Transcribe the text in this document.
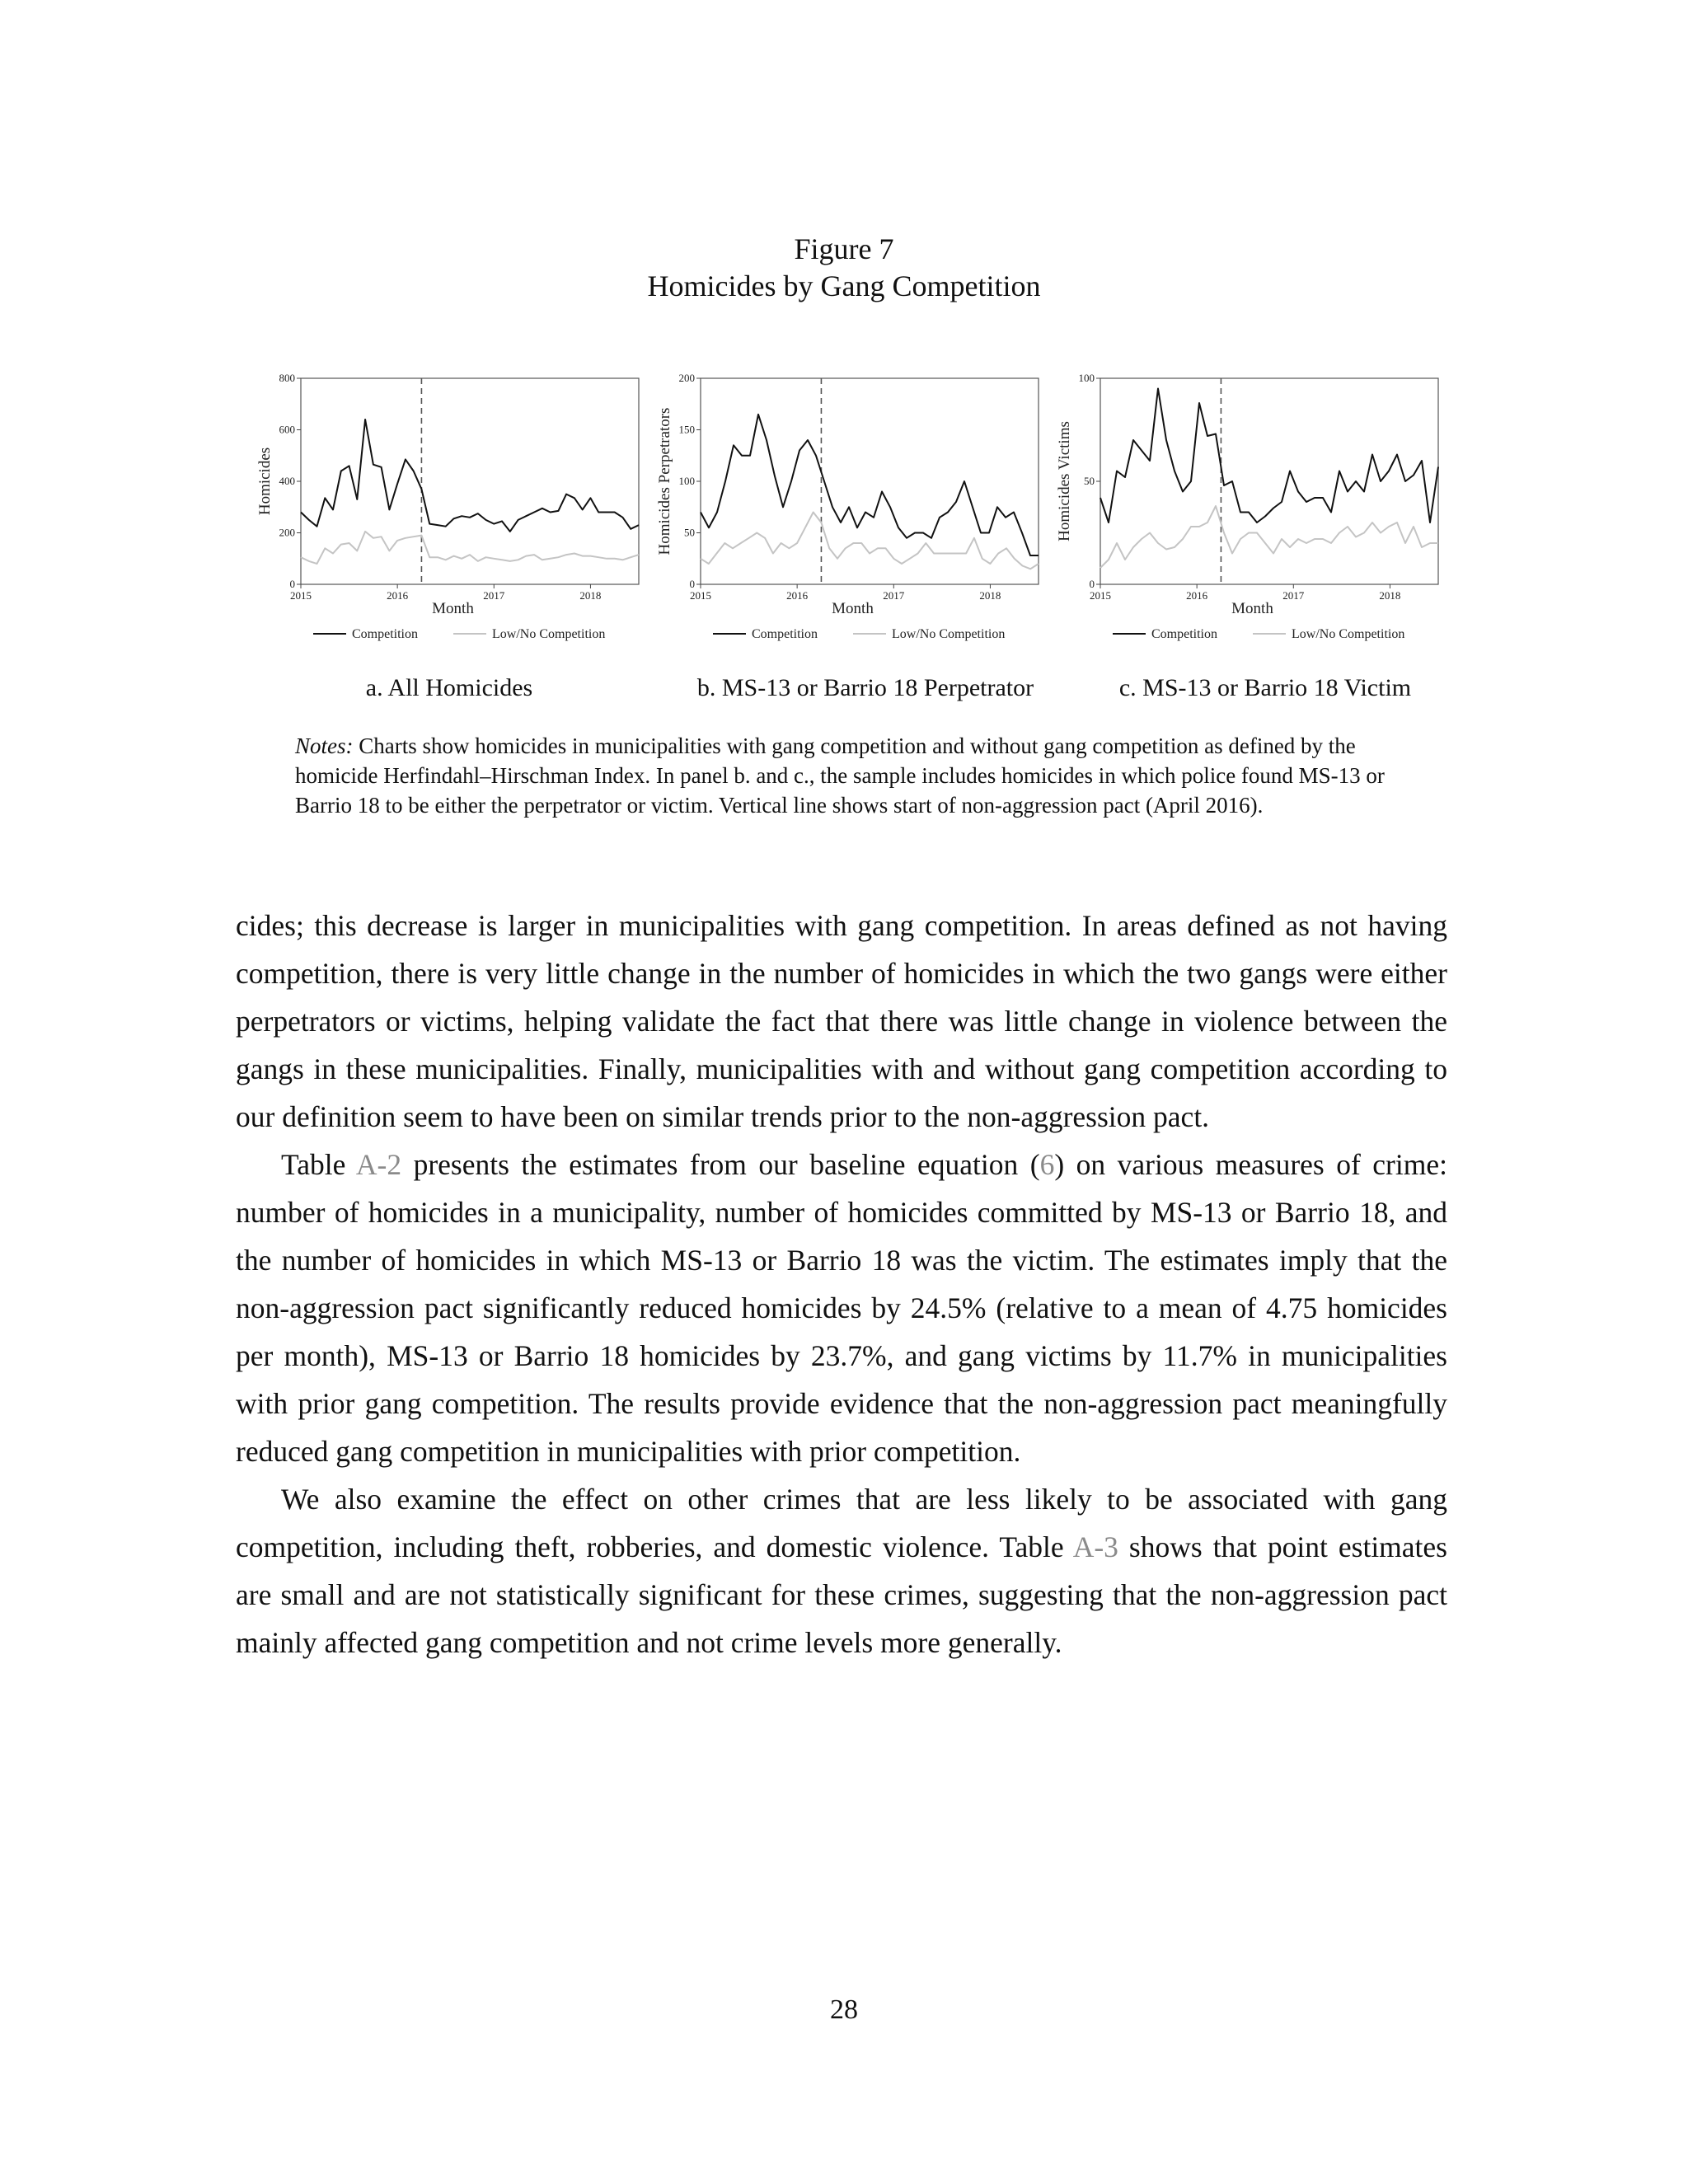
Figure 7
Homicides by Gang Competition
0
200
400
600
800
2015	2016	2017	2018
Month
Homicides
Competition	Low/No Competition
0
50
100
150
200
2015	2016	2017	2018
Month
Homicides Perpetrators
Competition	Low/No Competition
0
50
100
2015	2016	2017	2018
Month
Homicides Victims
Competition	Low/No Competition
a. All Homicides	b. MS-13 or Barrio 18 Perpetrator	c. MS-13 or Barrio 18 Victim
Notes: Charts show homicides in municipalities with gang competition and without gang competition as defined by the homicide Herfindahl–Hirschman Index. In panel b. and c., the sample includes homicides in which police found MS-13 or Barrio 18 to be either the perpetrator or victim. Vertical line shows start of non-aggression pact (April 2016).

cides; this decrease is larger in municipalities with gang competition. In areas defined as not having competition, there is very little change in the number of homicides in which the two gangs were either perpetrators or victims, helping validate the fact that there was little change in violence between the gangs in these municipalities. Finally, municipalities with and without gang competition according to our definition seem to have been on similar trends prior to the non-aggression pact.

Table A-2 presents the estimates from our baseline equation (6) on various measures of crime: number of homicides in a municipality, number of homicides committed by MS-13 or Barrio 18, and the number of homicides in which MS-13 or Barrio 18 was the victim. The estimates imply that the non-aggression pact significantly reduced homicides by 24.5% (relative to a mean of 4.75 homicides per month), MS-13 or Barrio 18 homicides by 23.7%, and gang victims by 11.7% in municipalities with prior gang competition. The results provide evidence that the non-aggression pact meaningfully reduced gang competition in municipalities with prior competition.

We also examine the effect on other crimes that are less likely to be associated with gang competition, including theft, robberies, and domestic violence. Table A-3 shows that point estimates are small and are not statistically significant for these crimes, suggesting that the non-aggression pact mainly affected gang competition and not crime levels more generally.

28
